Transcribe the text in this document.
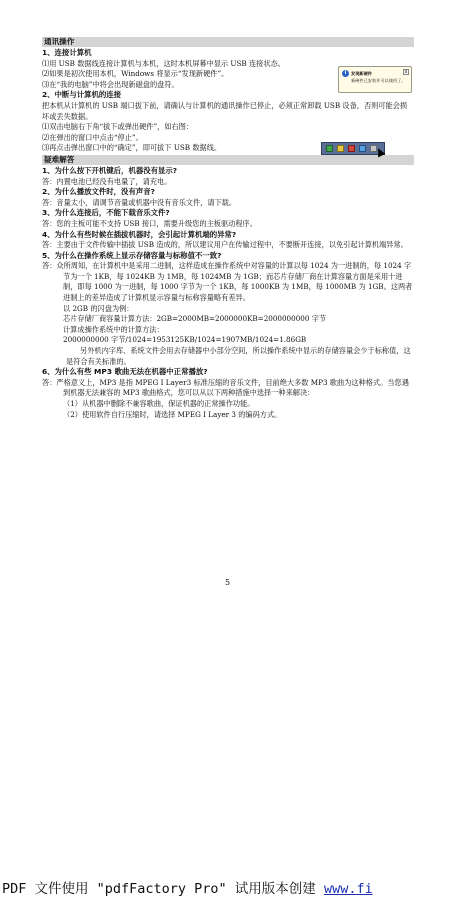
通讯操作
1、连接计算机
⑴用 USB 数据线连接计算机与本机，这时本机屏幕中显示 USB 连接状态。
⑵如果是初次使用本机，Windows 将显示“发现新硬件”。
⑶在“我的电脑”中将会出现新磁盘的盘符。
2、中断与计算机的连接
把本机从计算机的 USB 端口拔下前，请确认与计算机的通讯操作已停止，必须正常卸载 USB 设备，否则可能会损坏或丢失数据。
⑴双击电脑右下角“拔下或弹出硬件”，如右图：
⑵在弹出的窗口中点击“停止”。
⑶再点击弹出窗口中的“确定”，即可拔下 USB 数据线。
疑难解答
1、为什么按下开机键后，机器没有显示?
答：内置电池已经没有电量了，请充电。
2、为什么播放文件时，没有声音?
答：音量太小，请调节音量或机器中没有音乐文件，请下载。
3、为什么连接后，不能下载音乐文件?
答：您的主板可能不支持 USB 接口，需要升级您的主板驱动程序。
4、为什么有些时候在插拔机器时，会引起计算机端的异常?
答：主要由于文件传输中插拔 USB 造成的，所以建议用户在传输过程中，不要断开连接，以免引起计算机端异常。
5、为什么在操作系统上显示存储容量与标称值不一致?
答：众所周知，在计算机中是采用二进制，这样造成在操作系统中对容量的计算以每 1024 为一进制的，每 1024 字节为一个 1KB，每 1024KB 为 1MB，每 1024MB 为 1GB；而芯片存储厂商在计算容量方面是采用十进制，即每 1000 为一进制，每 1000 字节为一个 1KB，每 1000KB 为 1MB，每 1000MB 为 1GB。这两者进制上的差异造成了计算机显示容量与标称容量略有差异。
以 2GB 的闪盘为例：
芯片存储厂商容量计算方法：2GB=2000MB=2000000KB=2000000000 字节
计算成操作系统中的计算方法：
2000000000 字节/1024=1953125KB/1024=1907MB/1024=1.86GB
另外机内字库、系统文件会用去存储器中小部分空间，所以操作系统中显示的存储容量会少于标称值，这是符合有关标准的。
6、为什么有些 MP3 歌曲无法在机器中正常播放?
答：严格意义上，MP3 是指 MPEG I Layer3 标准压缩的音乐文件，目前绝大多数 MP3 歌曲为这种格式。当您遇到机器无法兼容的 MP3 歌曲格式，您可以从以下两种措施中选择一种来解决：
（1）从机器中删除不兼容歌曲，保证机器的正常操作功能。
（2）使用软件自行压缩时，请选择 MPEG I Layer 3 的编码方式。
i	发现新硬件	x
新硬件已安装并可以使用了。
5
PDF 文件使用 "pdfFactory Pro" 试用版本创建 www.fi
